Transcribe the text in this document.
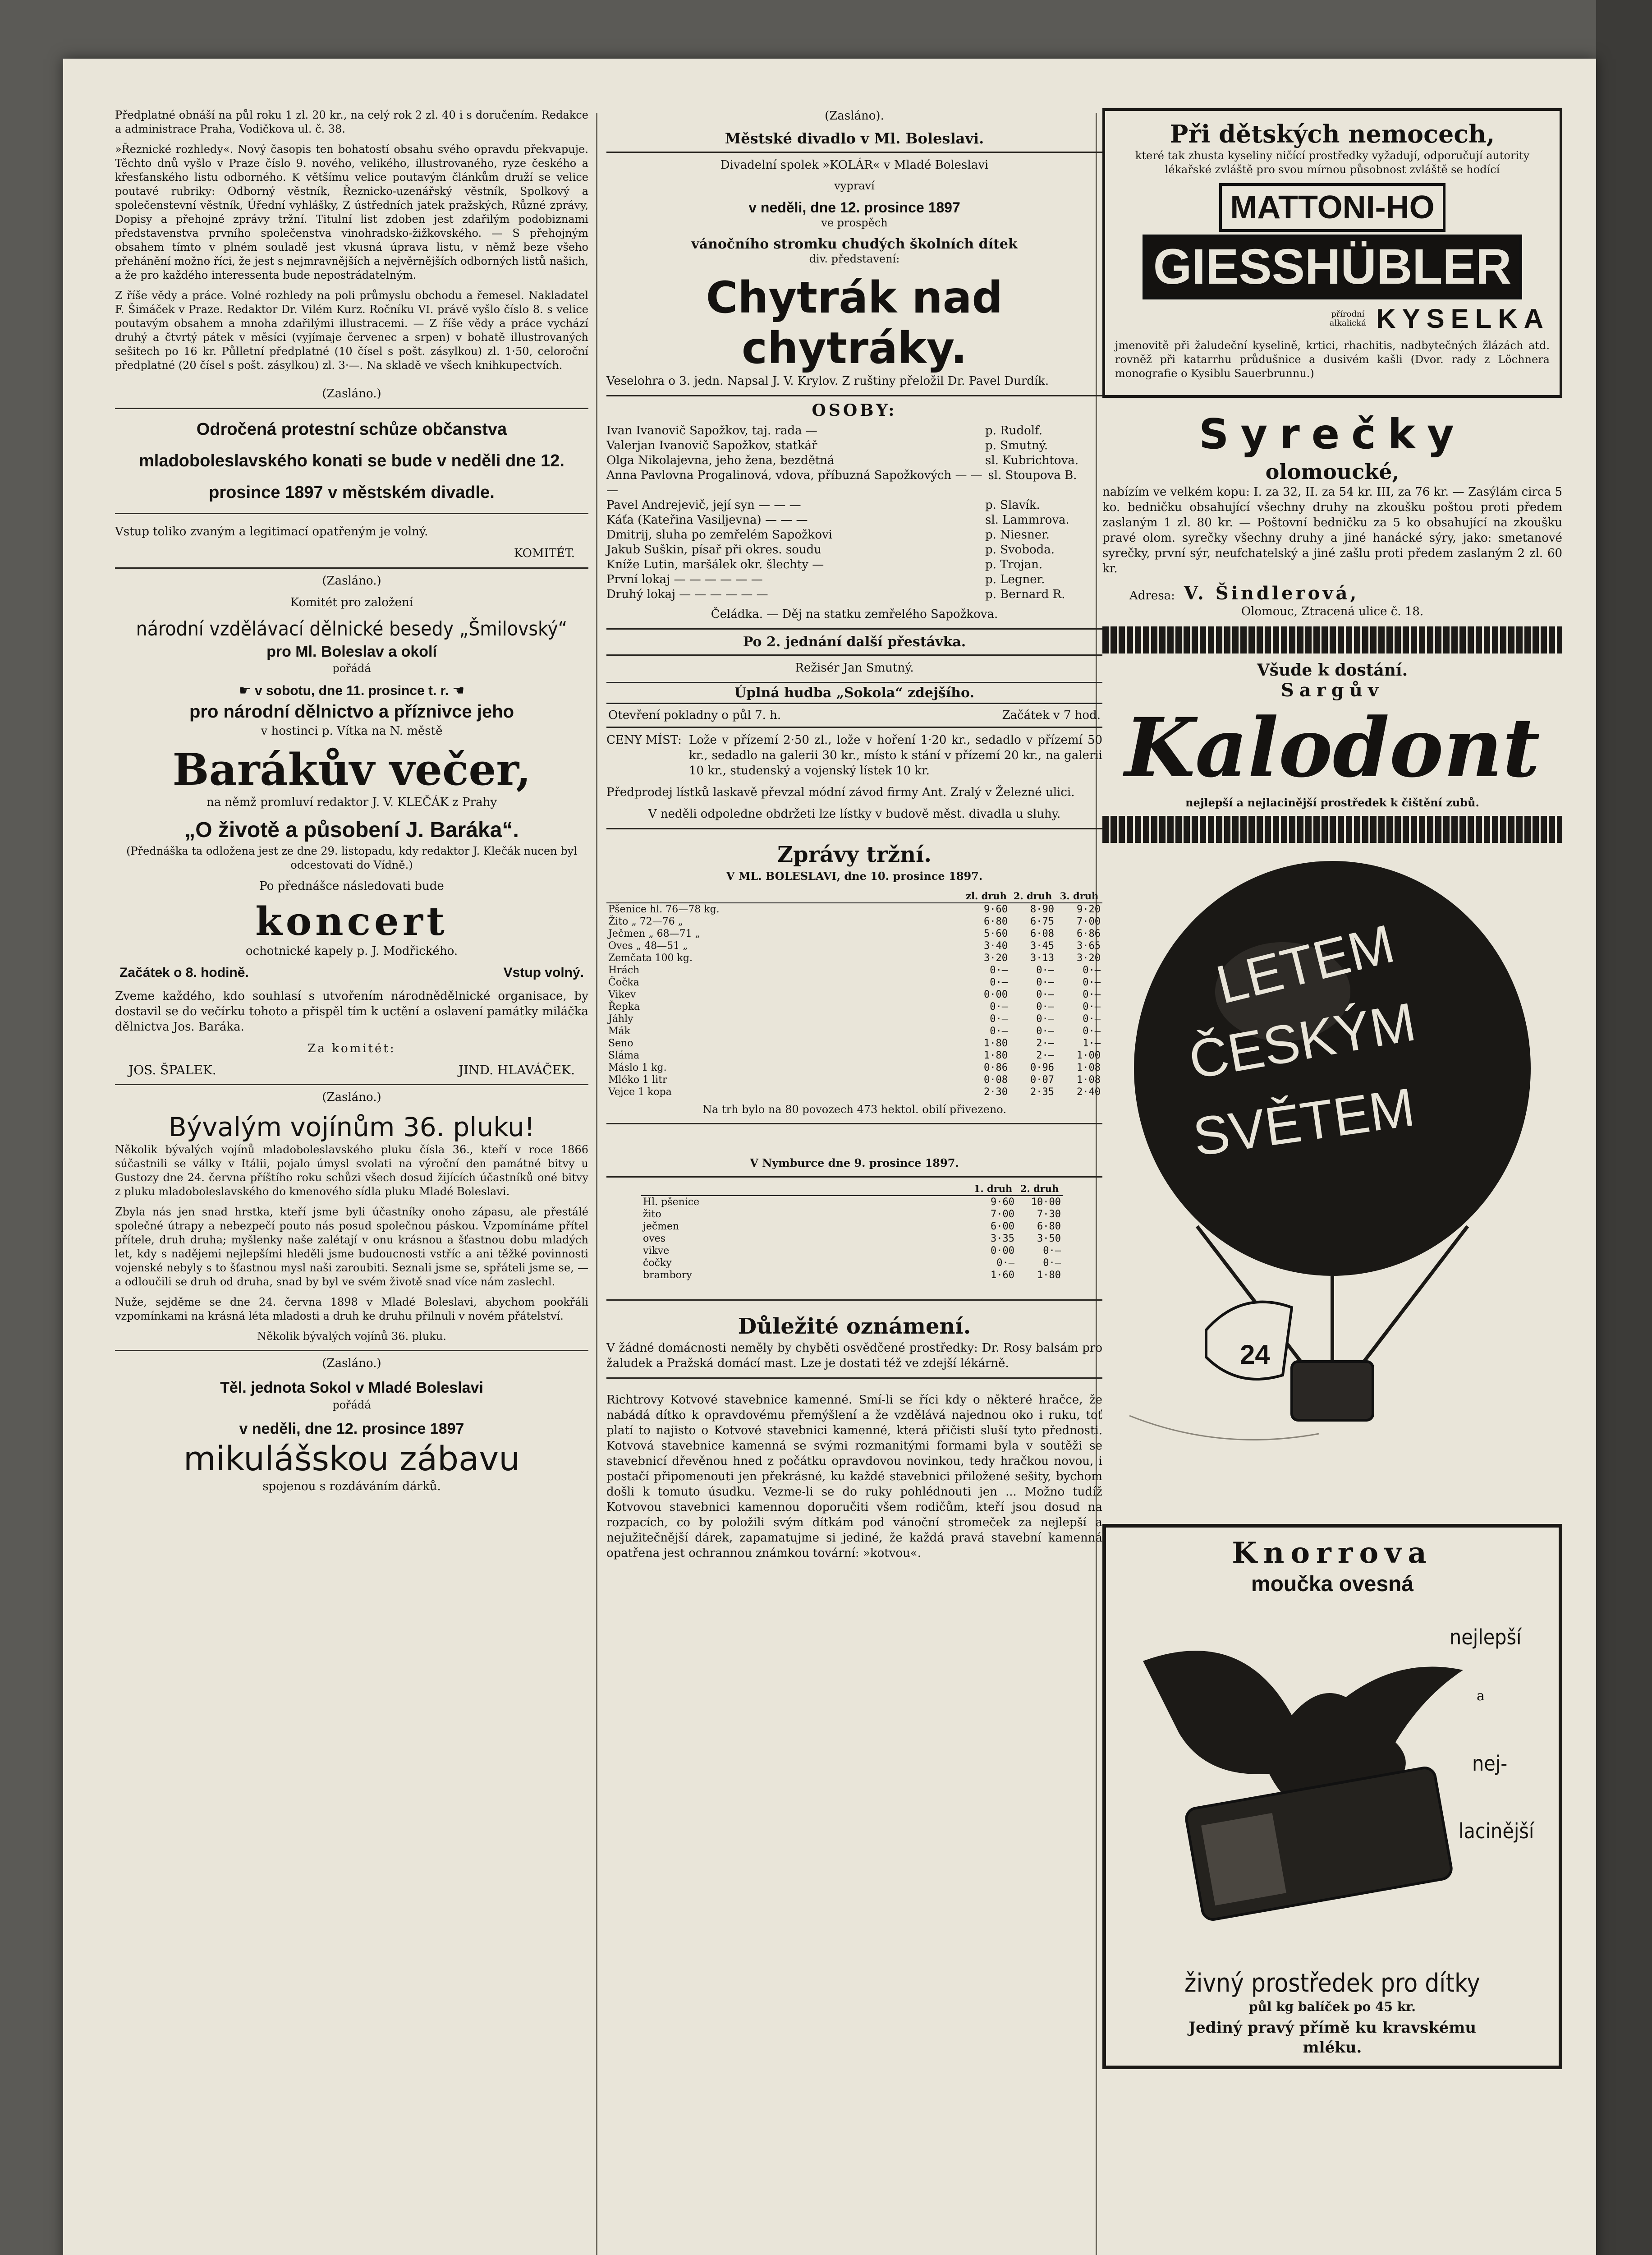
Předplatné obnáší na půl roku 1 zl. 20 kr., na celý rok 2 zl. 40 i s doručením. Redakce a administrace Praha, Vodičkova ul. č. 38.

»Řeznické rozhledy«. Nový časopis ten bohatostí obsahu svého opravdu překvapuje. Těchto dnů vyšlo v Praze číslo 9. nového, velikého, illustrovaného, ryze českého a křesťanského listu odborného. K většímu velice poutavým článkům druží se velice poutavé rubriky: Odborný věstník, Řeznicko-uzenářský věstník, Spolkový a společenstevní věstník, Úřední vyhlášky, Z ústředních jatek pražských, Různé zprávy, Dopisy a přehojné zprávy tržní. Titulní list zdoben jest zdařilým podobiznami představenstva prvního společenstva vinohradsko-žižkovského. — S přehojným obsahem tímto v plném souladě jest vkusná úprava listu, v němž beze všeho přehánění možno říci, že jest s nejmravnějších a nejvěrnějších odborných listů našich, a že pro každého interessenta bude nepostrádatelným.

Z říše vědy a práce. Volné rozhledy na poli průmyslu obchodu a řemesel. Nakladatel F. Šimáček v Praze. Redaktor Dr. Vilém Kurz. Ročníku VI. právě vyšlo číslo 8. s velice poutavým obsahem a mnoha zdařilými illustracemi. — Z říše vědy a práce vychází druhý a čtvrtý pátek v měsíci (vyjímaje červenec a srpen) v bohatě illustrovaných sešitech po 16 kr. Půlletní předplatné (10 čísel s pošt. zásylkou) zl. 1·50, celoroční předplatné (20 čísel s pošt. zásylkou) zl. 3·—. Na skladě ve všech knihkupectvích.

(Zasláno.)

Odročená protestní schůze občanstva mladoboleslavského konati se bude v neděli dne 12. prosince 1897 v městském divadle.

Vstup toliko zvaným a legitimací opatřeným je volný.

KOMITÉT.

(Zasláno.)

Komitét pro založení

národní vzdělávací dělnické besedy „Šmilovský“
pro Ml. Boleslav a okolí

pořádá

☛ v sobotu, dne 11. prosince t. r. ☚
pro národní dělnictvo a příznivce jeho

v hostinci p. Vítka na N. městě

Barákův večer,

na němž promluví redaktor J. V. KLEČÁK z Prahy

„O životě a působení J. Baráka“.

(Přednáška ta odložena jest ze dne 29. listopadu, kdy redaktor J. Klečák nucen byl odcestovati do Vídně.)

Po přednášce následovati bude

koncert

ochotnické kapely p. J. Modřického.

Začátek o 8. hodině.	Vstup volný.

Zveme každého, kdo souhlasí s utvořením národnědělnické organisace, by dostavil se do večírku tohoto a přispěl tím k uctění a oslavení památky miláčka dělnictva Jos. Baráka.

Za komitét:

JOS. ŠPALEK.	JIND. HLAVÁČEK.

(Zasláno.)

Bývalým vojínům 36. pluku!

Několik bývalých vojínů mladoboleslavského pluku čísla 36., kteří v roce 1866 súčastnili se války v Itálii, pojalo úmysl svolati na výroční den památné bitvy u Gustozy dne 24. června příštího roku schůzi všech dosud žijících účastníků oné bitvy z pluku mladoboleslavského do kmenového sídla pluku Mladé Boleslavi.

Zbyla nás jen snad hrstka, kteří jsme byli účastníky onoho zápasu, ale přestálé společné útrapy a nebezpečí pouto nás posud společnou páskou. Vzpomínáme přítel přítele, druh druha; myšlenky naše zalétají v onu krásnou a šťastnou dobu mladých let, kdy s nadějemi nejlepšími hleděli jsme budoucnosti vstříc a ani těžké povinnosti vojenské nebyly s to šťastnou mysl naši zaroubiti. Seznali jsme se, spřáteli jsme se, — a odloučili se druh od druha, snad by byl ve svém životě snad více nám zaslechl.

Nuže, sejděme se dne 24. června 1898 v Mladé Boleslavi, abychom pookřáli vzpomínkami na krásná léta mladosti a druh ke druhu přilnuli v novém přátelství.

Několik bývalých vojínů 36. pluku.

(Zasláno.)

Těl. jednota Sokol v Mladé Boleslavi

pořádá

v neděli, dne 12. prosince 1897
mikulášskou zábavu

spojenou s rozdáváním dárků.

(Zasláno).

Městské divadlo v Ml. Boleslavi.

Divadelní spolek »KOLÁR« v Mladé Boleslavi

vypraví

v neděli, dne 12. prosince 1897

ve prospěch

vánočního stromku chudých školních dítek

div. představení:

Chytrák nad chytráky.

Veselohra o 3. jedn. Napsal J. V. Krylov. Z ruštiny přeložil Dr. Pavel Durdík.

OSOBY:
Ivan Ivanovič Sapožkov, taj. rada —	p. Rudolf.
Valerjan Ivanovič Sapožkov, statkář	p. Smutný.
Olga Nikolajevna, jeho žena, bezdětná	sl. Kubrichtova.
Anna Pavlovna Progalinová, vdova, příbuzná Sapožkových — — —
sl. Stoupova B.
Pavel Andrejevič, její syn — — —	p. Slavík.
Káťa (Kateřina Vasiljevna) — — —	sl. Lammrova.
Dmitrij, sluha po zemřelém Sapožkovi	p. Niesner.
Jakub Suškin, písař při okres. soudu	p. Svoboda.
Kníže Lutin, maršálek okr. šlechty —	p. Trojan.
První lokaj — — — — — —	p. Legner.
Druhý lokaj — — — — — —	p. Bernard R.

Čeládka. — Děj na statku zemřelého Sapožkova.

Po 2. jednání další přestávka.

Režisér Jan Smutný.

Úplná hudba „Sokola“ zdejšího.
Otevření pokladny o půl 7. h.	Začátek v 7 hod.
CENY MÍST: Lože v přízemí 2·50 zl., lože v hoření 1·20 kr., sedadlo v přízemí 50 kr., sedadlo na galerii 30 kr., místo k stání v přízemí 20 kr., na galerii 10 kr., studenský a vojenský lístek 10 kr.

Předprodej lístků laskavě převzal módní závod firmy Ant. Zralý v Železné ulici.

V neděli odpoledne obdržeti lze lístky v budově měst. divadla u sluhy.

Zprávy tržní.

V ML. BOLESLAVI, dne 10. prosince 1897.

	zl. druh	2. druh	3. druh
Pšenice hl. 76—78 kg.	9·60	8·90	9·20
Žito „ 72—76 „	6·80	6·75	7·00
Ječmen „ 68—71 „	5·60	6·08	6·86
Oves „ 48—51 „	3·40	3·45	3·65
Zemčata 100 kg.	3·20	3·13	3·20
Hrách	0·—	0·—	0·—
Čočka	0·—	0·—	0·—
Vikev	0·00	0·—	0·—
Řepka	0·—	0·—	0·—
Jáhly	0·—	0·—	0·—
Mák	0·—	0·—	0·—
Seno	1·80	2·—	1·—
Sláma	1·80	2·—	1·00
Máslo 1 kg.	0·86	0·96	1·08
Mléko 1 litr	0·08	0·07	1·08
Vejce 1 kopa	2·30	2·35	2·40

Na trh bylo na 80 povozech 473 hektol. obilí přivezeno.

V Nymburce dne 9. prosince 1897.

	1. druh	2. druh
Hl. pšenice	9·60	10·00
žito	7·00	7·30
ječmen	6·00	6·80
oves	3·35	3·50
vikve	0·00	0·—
čočky	0·—	0·—
brambory	1·60	1·80
Důležité oznámení.

V žádné domácnosti neměly by chyběti osvědčené prostředky: Dr. Rosy balsám pro žaludek a Pražská domácí mast. Lze je dostati též ve zdejší lékárně.

Richtrovy Kotvové stavebnice kamenné. Smí-li se říci kdy o některé hračce, že nabádá dítko k opravdovému přemýšlení a že vzdělává najednou oko i ruku, toť platí to najisto o Kotvové stavebnici kamenné, která přičisti sluší tyto přednosti. Kotvová stavebnice kamenná se svými rozmanitými formami byla v soutěži se stavebnicí dřevěnou hned z počátku opravdovou novinkou, tedy hračkou novou, i postačí připomenouti jen překrásné, ku každé stavebnici přiložené sešity, bychom došli k tomuto úsudku. Vezme-li se do ruky pohlédnouti jen ... Možno tudíž Kotvovou stavebnici kamennou doporučiti všem rodičům, kteří jsou dosud na rozpacích, co by položili svým dítkám pod vánoční stromeček za nejlepší a nejužitečnější dárek, zapamatujme si jediné, že každá pravá stavební kamenná opatřena jest ochrannou známkou tovární: »kotvou«.

Při dětských nemocech,

které tak zhusta kyseliny ničící prostředky vyžadují, odporučují autority lékařské zvláště pro svou mírnou působnost zvláště se hodící

MATTONI-HO
GIESSHÜBLER
přírodní alkalická KYSELKA

jmenovitě při žaludeční kyselině, krtici, rhachitis, nadbytečných žlázách atd. rovněž při katarrhu průdušnice a dusivém kašli (Dvor. rady z Löchnera monografie o Kysiblu Sauerbrunnu.)

Syrečky
olomoucké,

nabízím ve velkém kopu: I. za 32, II. za 54 kr. III, za 76 kr. — Zasýlám circa 5 ko. bedničku obsahující všechny druhy na zkoušku poštou proti předem zaslaným 1 zl. 80 kr. — Poštovní bedničku za 5 ko obsahující na zkoušku pravé olom. syrečky všechny druhy a jiné hanácké sýry, jako: smetanové syrečky, první sýr, neufchatelský a jiné zašlu proti předem zaslaným 2 zl. 60 kr.

Adresa: V. Šindlerová,

Olomouc, Ztracená ulice č. 18.

Všude k dostání.
Sargův
Kalodont

nejlepší a nejlacinější prostředek k čištění zubů.

LETEM
ČESKÝM
SVĚTEM
24
Knorrova
moučka ovesná
nejlepší
a
nej-
lacinější
živný prostředek pro dítky
půl kg balíček po 45 kr.
Jediný pravý přímě ku kravskému mléku.
